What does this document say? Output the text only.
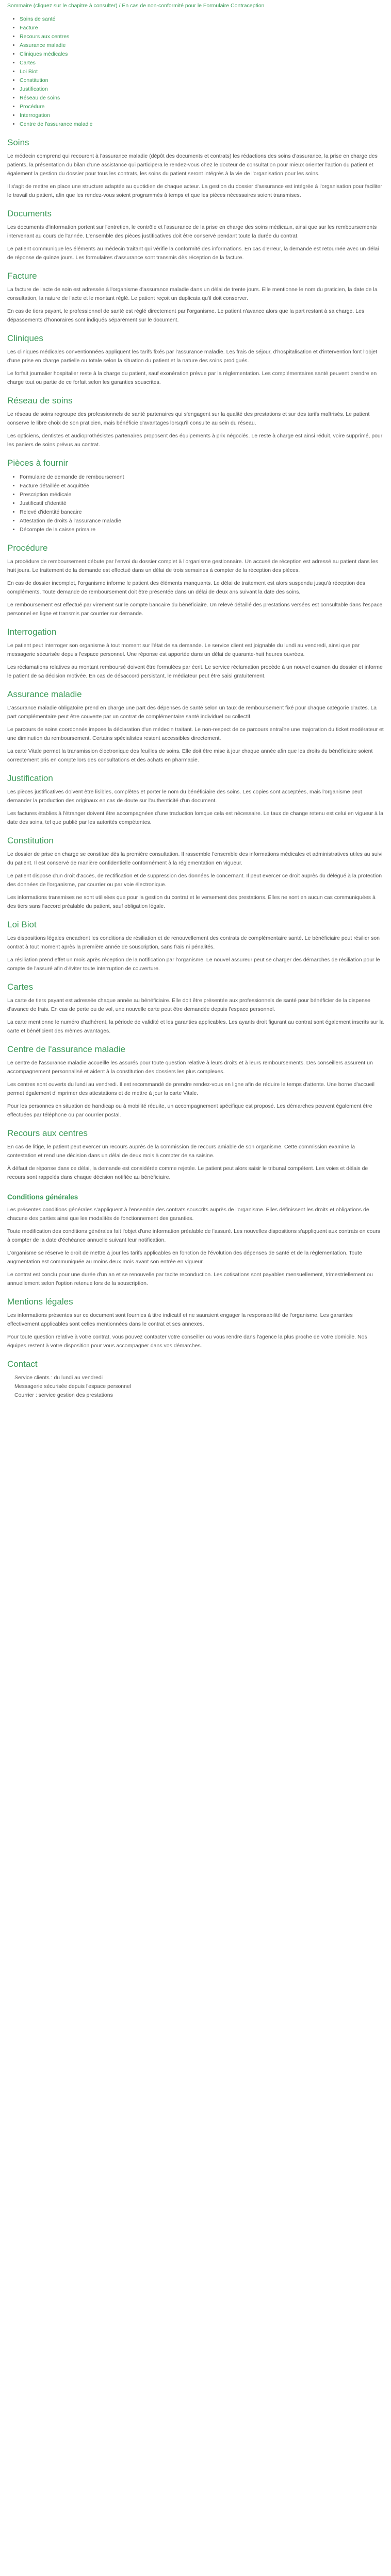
Sommaire (cliquez sur le chapitre à consulter) / En cas de non-conformité pour le Formulaire Contraception

• Soins de santé
• Facture
• Recours aux centres
• Assurance maladie
• Cliniques médicales
• Cartes
• Loi Biot
• Constitution
• Justification
• Réseau de soins
• Procédure
• Interrogation
• Centre de l'assurance maladie
Soins

Le médecin comprend qui recourent à l'assurance maladie (dépôt des documents et contrats) les rédactions des soins d'assurance, la prise en charge des patients, la présentation du bilan d'une assistance qui participera le rendez-vous chez le docteur de consultation pour mieux orienter l'action du patient et également la gestion du dossier pour tous les contrats, les soins du patient seront intégrés à la vie de l'organisation pour les soins.

Il s'agit de mettre en place une structure adaptée au quotidien de chaque acteur. La gestion du dossier d'assurance est intégrée à l'organisation pour faciliter le travail du patient, afin que les rendez-vous soient programmés à temps et que les pièces nécessaires soient transmises.

Documents

Les documents d'information portent sur l'entretien, le contrôle et l'assurance de la prise en charge des soins médicaux, ainsi que sur les remboursements intervenant au cours de l'année. L'ensemble des pièces justificatives doit être conservé pendant toute la durée du contrat.

Le patient communique les éléments au médecin traitant qui vérifie la conformité des informations. En cas d'erreur, la demande est retournée avec un délai de réponse de quinze jours. Les formulaires d'assurance sont transmis dès réception de la facture.

Facture

La facture de l'acte de soin est adressée à l'organisme d'assurance maladie dans un délai de trente jours. Elle mentionne le nom du praticien, la date de la consultation, la nature de l'acte et le montant réglé. Le patient reçoit un duplicata qu'il doit conserver.

En cas de tiers payant, le professionnel de santé est réglé directement par l'organisme. Le patient n'avance alors que la part restant à sa charge. Les dépassements d'honoraires sont indiqués séparément sur le document.

Cliniques

Les cliniques médicales conventionnées appliquent les tarifs fixés par l'assurance maladie. Les frais de séjour, d'hospitalisation et d'intervention font l'objet d'une prise en charge partielle ou totale selon la situation du patient et la nature des soins prodigués.

Le forfait journalier hospitalier reste à la charge du patient, sauf exonération prévue par la réglementation. Les complémentaires santé peuvent prendre en charge tout ou partie de ce forfait selon les garanties souscrites.

Réseau de soins

Le réseau de soins regroupe des professionnels de santé partenaires qui s'engagent sur la qualité des prestations et sur des tarifs maîtrisés. Le patient conserve le libre choix de son praticien, mais bénéficie d'avantages lorsqu'il consulte au sein du réseau.

Les opticiens, dentistes et audioprothésistes partenaires proposent des équipements à prix négociés. Le reste à charge est ainsi réduit, voire supprimé, pour les paniers de soins prévus au contrat.

Pièces à fournir
• Formulaire de demande de remboursement
• Facture détaillée et acquittée
• Prescription médicale
• Justificatif d'identité
• Relevé d'identité bancaire
• Attestation de droits à l'assurance maladie
• Décompte de la caisse primaire
Procédure

La procédure de remboursement débute par l'envoi du dossier complet à l'organisme gestionnaire. Un accusé de réception est adressé au patient dans les huit jours. Le traitement de la demande est effectué dans un délai de trois semaines à compter de la réception des pièces.

En cas de dossier incomplet, l'organisme informe le patient des éléments manquants. Le délai de traitement est alors suspendu jusqu'à réception des compléments. Toute demande de remboursement doit être présentée dans un délai de deux ans suivant la date des soins.

Le remboursement est effectué par virement sur le compte bancaire du bénéficiaire. Un relevé détaillé des prestations versées est consultable dans l'espace personnel en ligne et transmis par courrier sur demande.

Interrogation

Le patient peut interroger son organisme à tout moment sur l'état de sa demande. Le service client est joignable du lundi au vendredi, ainsi que par messagerie sécurisée depuis l'espace personnel. Une réponse est apportée dans un délai de quarante-huit heures ouvrées.

Les réclamations relatives au montant remboursé doivent être formulées par écrit. Le service réclamation procède à un nouvel examen du dossier et informe le patient de sa décision motivée. En cas de désaccord persistant, le médiateur peut être saisi gratuitement.

Assurance maladie

L'assurance maladie obligatoire prend en charge une part des dépenses de santé selon un taux de remboursement fixé pour chaque catégorie d'actes. La part complémentaire peut être couverte par un contrat de complémentaire santé individuel ou collectif.

Le parcours de soins coordonnés impose la déclaration d'un médecin traitant. Le non-respect de ce parcours entraîne une majoration du ticket modérateur et une diminution du remboursement. Certains spécialistes restent accessibles directement.

La carte Vitale permet la transmission électronique des feuilles de soins. Elle doit être mise à jour chaque année afin que les droits du bénéficiaire soient correctement pris en compte lors des consultations et des achats en pharmacie.

Justification

Les pièces justificatives doivent être lisibles, complètes et porter le nom du bénéficiaire des soins. Les copies sont acceptées, mais l'organisme peut demander la production des originaux en cas de doute sur l'authenticité d'un document.

Les factures établies à l'étranger doivent être accompagnées d'une traduction lorsque cela est nécessaire. Le taux de change retenu est celui en vigueur à la date des soins, tel que publié par les autorités compétentes.

Constitution

Le dossier de prise en charge se constitue dès la première consultation. Il rassemble l'ensemble des informations médicales et administratives utiles au suivi du patient. Il est conservé de manière confidentielle conformément à la réglementation en vigueur.

Le patient dispose d'un droit d'accès, de rectification et de suppression des données le concernant. Il peut exercer ce droit auprès du délégué à la protection des données de l'organisme, par courrier ou par voie électronique.

Les informations transmises ne sont utilisées que pour la gestion du contrat et le versement des prestations. Elles ne sont en aucun cas communiquées à des tiers sans l'accord préalable du patient, sauf obligation légale.

Loi Biot

Les dispositions légales encadrent les conditions de résiliation et de renouvellement des contrats de complémentaire santé. Le bénéficiaire peut résilier son contrat à tout moment après la première année de souscription, sans frais ni pénalités.

La résiliation prend effet un mois après réception de la notification par l'organisme. Le nouvel assureur peut se charger des démarches de résiliation pour le compte de l'assuré afin d'éviter toute interruption de couverture.

Cartes

La carte de tiers payant est adressée chaque année au bénéficiaire. Elle doit être présentée aux professionnels de santé pour bénéficier de la dispense d'avance de frais. En cas de perte ou de vol, une nouvelle carte peut être demandée depuis l'espace personnel.

La carte mentionne le numéro d'adhérent, la période de validité et les garanties applicables. Les ayants droit figurant au contrat sont également inscrits sur la carte et bénéficient des mêmes avantages.

Centre de l'assurance maladie

Le centre de l'assurance maladie accueille les assurés pour toute question relative à leurs droits et à leurs remboursements. Des conseillers assurent un accompagnement personnalisé et aident à la constitution des dossiers les plus complexes.

Les centres sont ouverts du lundi au vendredi. Il est recommandé de prendre rendez-vous en ligne afin de réduire le temps d'attente. Une borne d'accueil permet également d'imprimer des attestations et de mettre à jour la carte Vitale.

Pour les personnes en situation de handicap ou à mobilité réduite, un accompagnement spécifique est proposé. Les démarches peuvent également être effectuées par téléphone ou par courrier postal.

Recours aux centres

En cas de litige, le patient peut exercer un recours auprès de la commission de recours amiable de son organisme. Cette commission examine la contestation et rend une décision dans un délai de deux mois à compter de sa saisine.

À défaut de réponse dans ce délai, la demande est considérée comme rejetée. Le patient peut alors saisir le tribunal compétent. Les voies et délais de recours sont rappelés dans chaque décision notifiée au bénéficiaire.

Conditions générales

Les présentes conditions générales s'appliquent à l'ensemble des contrats souscrits auprès de l'organisme. Elles définissent les droits et obligations de chacune des parties ainsi que les modalités de fonctionnement des garanties.

Toute modification des conditions générales fait l'objet d'une information préalable de l'assuré. Les nouvelles dispositions s'appliquent aux contrats en cours à compter de la date d'échéance annuelle suivant leur notification.

L'organisme se réserve le droit de mettre à jour les tarifs applicables en fonction de l'évolution des dépenses de santé et de la réglementation. Toute augmentation est communiquée au moins deux mois avant son entrée en vigueur.

Le contrat est conclu pour une durée d'un an et se renouvelle par tacite reconduction. Les cotisations sont payables mensuellement, trimestriellement ou annuellement selon l'option retenue lors de la souscription.

Mentions légales

Les informations présentes sur ce document sont fournies à titre indicatif et ne sauraient engager la responsabilité de l'organisme. Les garanties effectivement applicables sont celles mentionnées dans le contrat et ses annexes.

Pour toute question relative à votre contrat, vous pouvez contacter votre conseiller ou vous rendre dans l'agence la plus proche de votre domicile. Nos équipes restent à votre disposition pour vous accompagner dans vos démarches.

Contact
Service clients : du lundi au vendredi
Messagerie sécurisée depuis l'espace personnel
Courrier : service gestion des prestations
